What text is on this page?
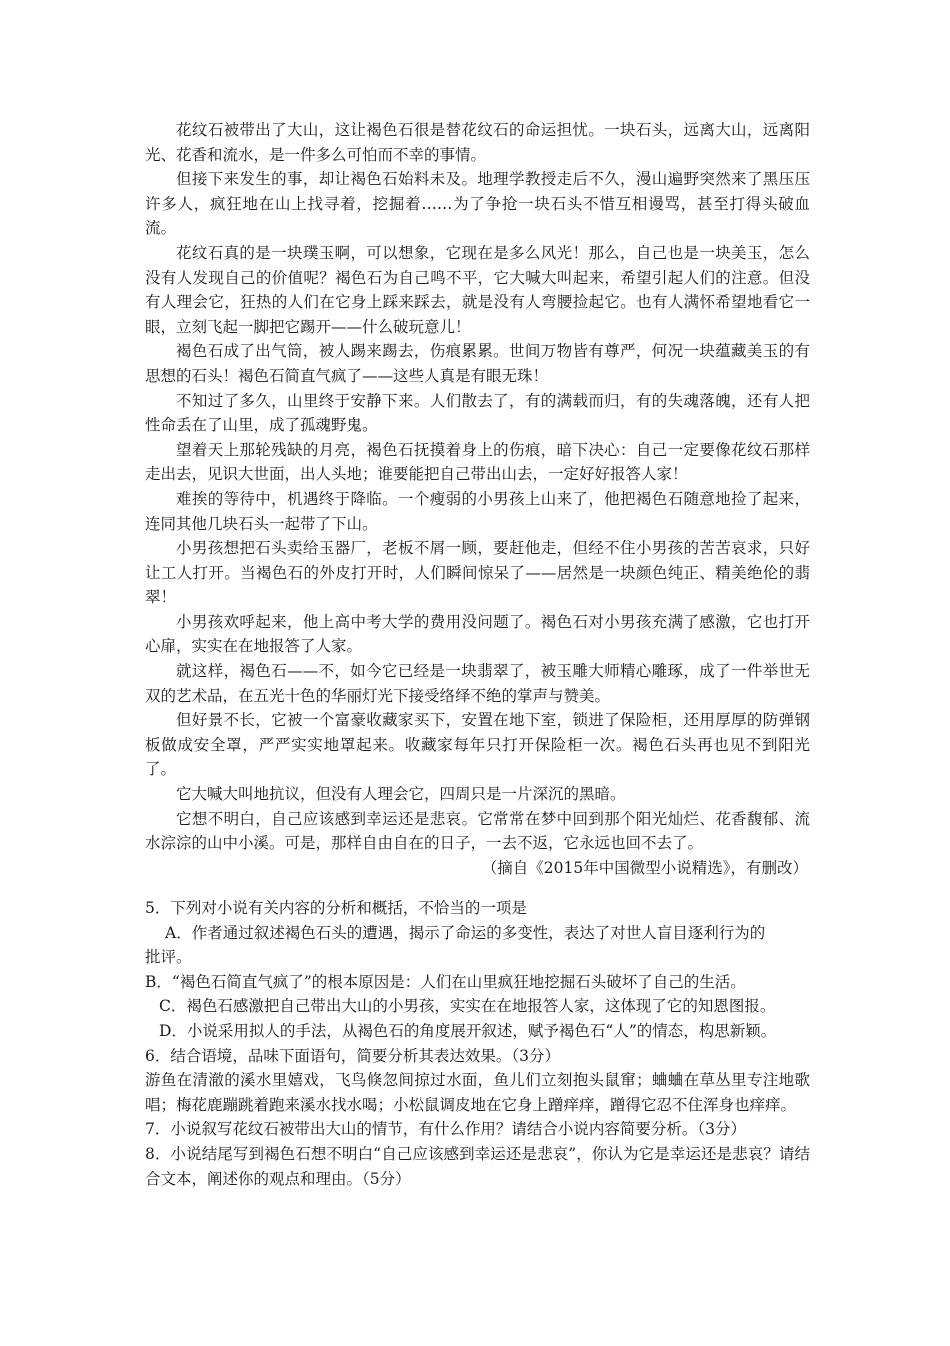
花纹石被带出了大山，这让褐色石很是替花纹石的命运担忧。一块石头，远离大山，远离阳光、花香和流水，是一件多么可怕而不幸的事情。

但接下来发生的事，却让褐色石始料未及。地理学教授走后不久，漫山遍野突然来了黑压压许多人，疯狂地在山上找寻着，挖掘着……为了争抢一块石头不惜互相谩骂，甚至打得头破血流。

花纹石真的是一块璞玉啊，可以想象，它现在是多么风光！那么，自己也是一块美玉，怎么没有人发现自己的价值呢？褐色石为自己鸣不平，它大喊大叫起来，希望引起人们的注意。但没有人理会它，狂热的人们在它身上踩来踩去，就是没有人弯腰捡起它。也有人满怀希望地看它一眼，立刻飞起一脚把它踢开——什么破玩意儿！

褐色石成了出气筒，被人踢来踢去，伤痕累累。世间万物皆有尊严，何况一块蕴藏美玉的有思想的石头！褐色石简直气疯了——这些人真是有眼无珠！

不知过了多久，山里终于安静下来。人们散去了，有的满载而归，有的失魂落魄，还有人把性命丢在了山里，成了孤魂野鬼。

望着天上那轮残缺的月亮，褐色石抚摸着身上的伤痕，暗下决心：自己一定要像花纹石那样走出去，见识大世面，出人头地；谁要能把自己带出山去，一定好好报答人家！

难挨的等待中，机遇终于降临。一个瘦弱的小男孩上山来了，他把褐色石随意地捡了起来，连同其他几块石头一起带了下山。

小男孩想把石头卖给玉器厂，老板不屑一顾，要赶他走，但经不住小男孩的苦苦哀求，只好让工人打开。当褐色石的外皮打开时，人们瞬间惊呆了——居然是一块颜色纯正、精美绝伦的翡翠！

小男孩欢呼起来，他上高中考大学的费用没问题了。褐色石对小男孩充满了感激，它也打开心扉，实实在在地报答了人家。

就这样，褐色石——不，如今它已经是一块翡翠了，被玉雕大师精心雕琢，成了一件举世无双的艺术品，在五光十色的华丽灯光下接受络绎不绝的掌声与赞美。

但好景不长，它被一个富豪收藏家买下，安置在地下室，锁进了保险柜，还用厚厚的防弹钢板做成安全罩，严严实实地罩起来。收藏家每年只打开保险柜一次。褐色石头再也见不到阳光了。

它大喊大叫地抗议，但没有人理会它，四周只是一片深沉的黑暗。

它想不明白，自己应该感到幸运还是悲哀。它常常在梦中回到那个阳光灿烂、花香馥郁、流水淙淙的山中小溪。可是，那样自由自在的日子，一去不返，它永远也回不去了。

（摘自《2015年中国微型小说精选》，有删改）

5．下列对小说有关内容的分析和概括，不恰当的一项是

A．作者通过叙述褐色石头的遭遇，揭示了命运的多变性，表达了对世人盲目逐利行为的

批评。

B．“褐色石简直气疯了”的根本原因是：人们在山里疯狂地挖掘石头破坏了自己的生活。

C．褐色石感激把自己带出大山的小男孩，实实在在地报答人家，这体现了它的知恩图报。

D．小说采用拟人的手法，从褐色石的角度展开叙述，赋予褐色石“人”的情态，构思新颖。

6．结合语境，品味下面语句，简要分析其表达效果。（3分）

游鱼在清澈的溪水里嬉戏，飞鸟倏忽间掠过水面，鱼儿们立刻抱头鼠窜；蛐蛐在草丛里专注地歌唱；梅花鹿蹦跳着跑来溪水找水喝；小松鼠调皮地在它身上蹭痒痒，蹭得它忍不住浑身也痒痒。

7．小说叙写花纹石被带出大山的情节，有什么作用？请结合小说内容简要分析。（3分）

8．小说结尾写到褐色石想不明白“自己应该感到幸运还是悲哀”，你认为它是幸运还是悲哀？请结合文本，阐述你的观点和理由。（5分）
